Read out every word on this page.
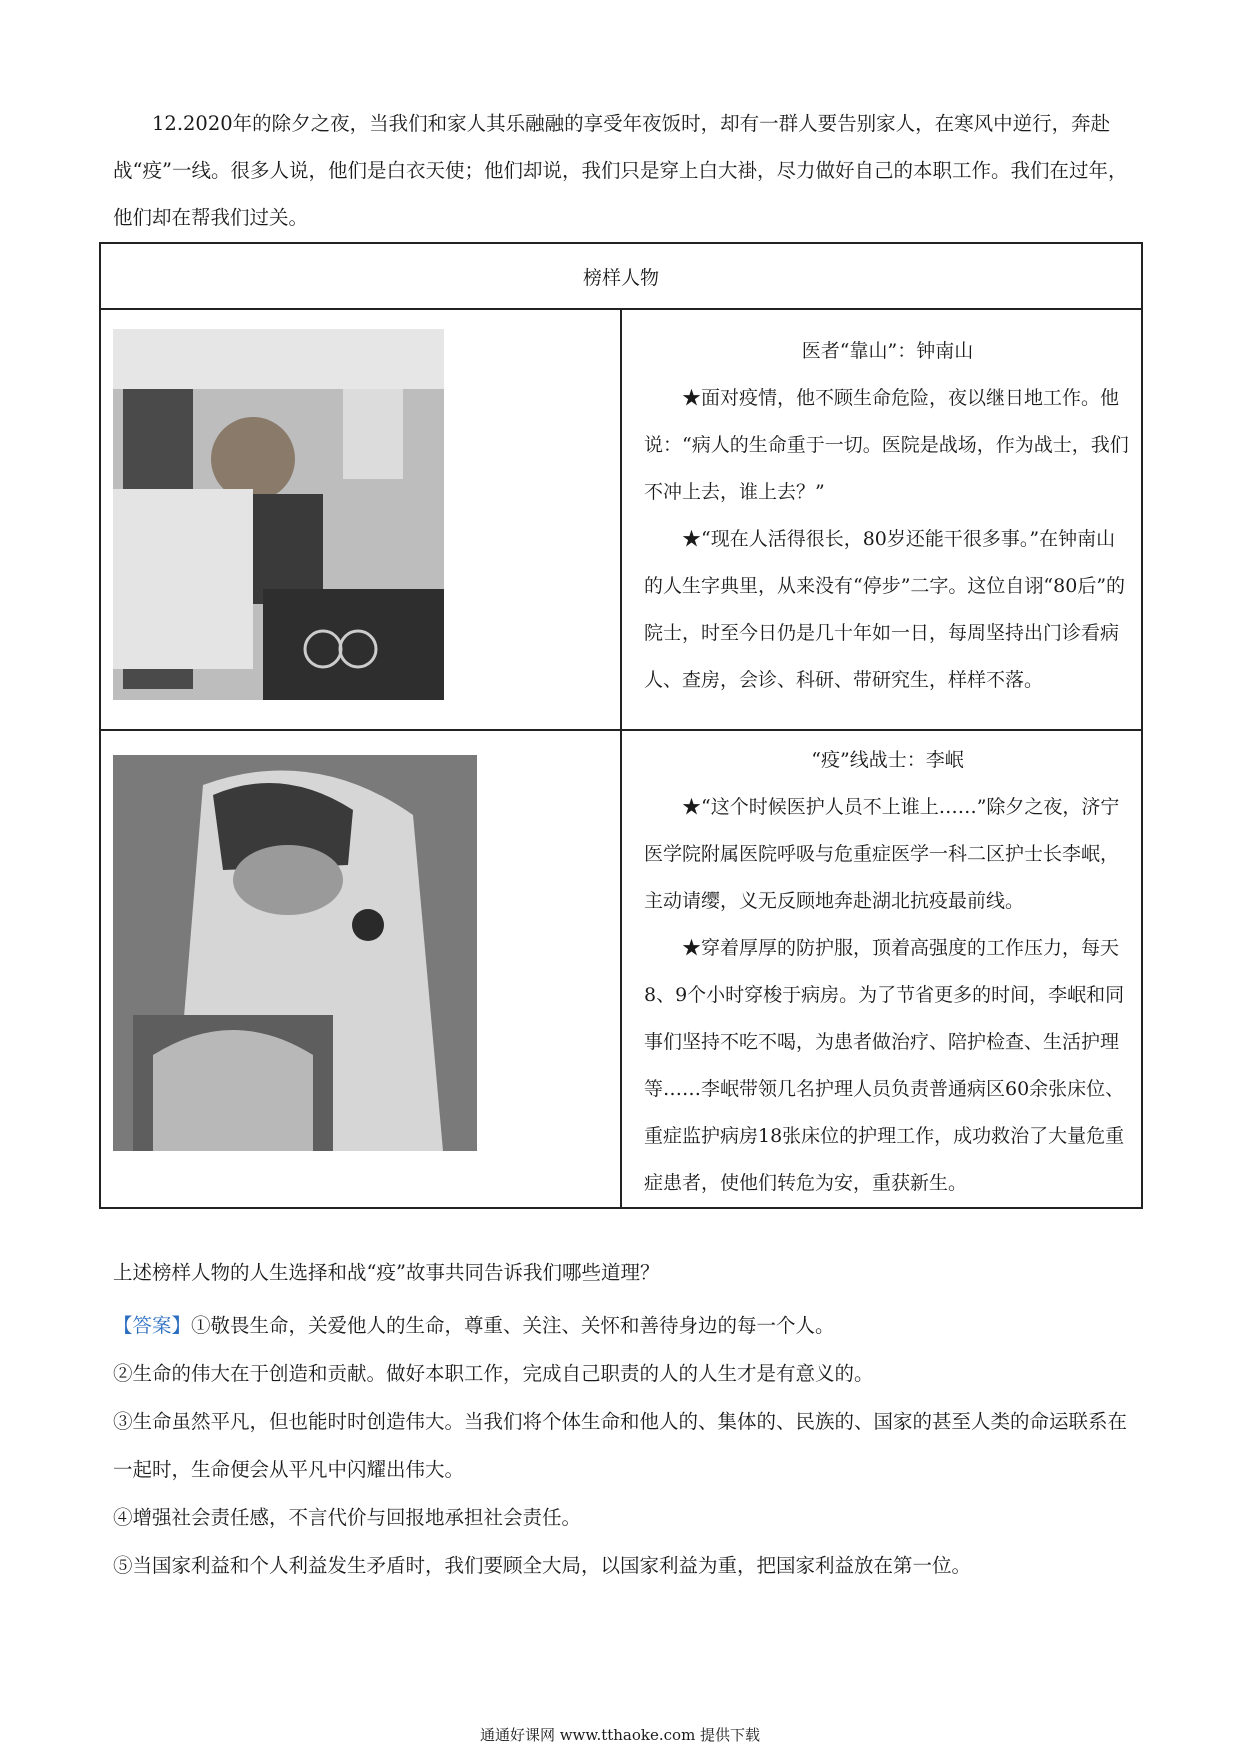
12.2020年的除夕之夜，当我们和家人其乐融融的享受年夜饭时，却有一群人要告别家人，在寒风中逆行，奔赴战“疫”一线。很多人说，他们是白衣天使；他们却说，我们只是穿上白大褂，尽力做好自己的本职工作。我们在过年，他们却在帮我们过关。

榜样人物	

医者“靠山”：钟南山

★面对疫情，他不顾生命危险，夜以继日地工作。他说：“病人的生命重于一切。医院是战场，作为战士，我们不冲上去，谁上去？”

★“现在人活得很长，80岁还能干很多事。”在钟南山的人生字典里，从来没有“停步”二字。这位自诩“80后”的院士，时至今日仍是几十年如一日，每周坚持出门诊看病人、查房，会诊、科研、带研究生，样样不落。

“疫”线战士：李岷

★“这个时候医护人员不上谁上……”除夕之夜，济宁医学院附属医院呼吸与危重症医学一科二区护士长李岷，主动请缨，义无反顾地奔赴湖北抗疫最前线。

★穿着厚厚的防护服，顶着高强度的工作压力，每天8、9个小时穿梭于病房。为了节省更多的时间，李岷和同事们坚持不吃不喝，为患者做治疗、陪护检查、生活护理等……李岷带领几名护理人员负责普通病区60余张床位、重症监护病房18张床位的护理工作，成功救治了大量危重症患者，使他们转危为安，重获新生。

上述榜样人物的人生选择和战“疫”故事共同告诉我们哪些道理？

【答案】①敬畏生命，关爱他人的生命，尊重、关注、关怀和善待身边的每一个人。

②生命的伟大在于创造和贡献。做好本职工作，完成自己职责的人的人生才是有意义的。

③生命虽然平凡，但也能时时创造伟大。当我们将个体生命和他人的、集体的、民族的、国家的甚至人类的命运联系在一起时，生命便会从平凡中闪耀出伟大。

④增强社会责任感，不言代价与回报地承担社会责任。

⑤当国家利益和个人利益发生矛盾时，我们要顾全大局，以国家利益为重，把国家利益放在第一位。

通通好课网 www.tthaoke.com 提供下载
